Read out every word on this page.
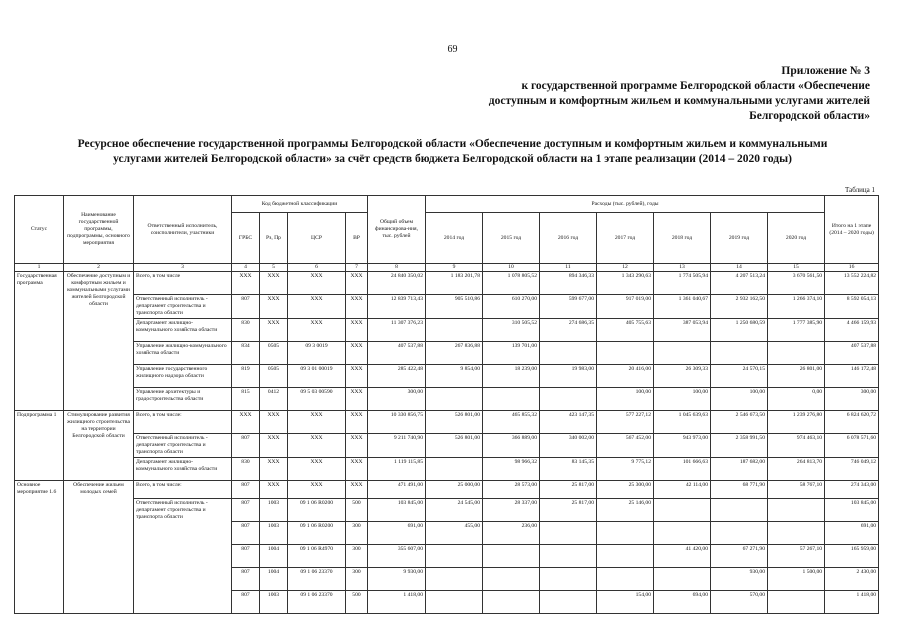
69
Приложение № 3
к государственной программе Белгородской области «Обеспечение
доступным и комфортным жильем и коммунальными услугами жителей
Белгородской области»
Ресурсное обеспечение государственной программы Белгородской области «Обеспечение доступным и комфортным жильем и коммунальными
услугами жителей Белгородской области» за счёт средств бюджета Белгородской области на 1 этапе реализации (2014 – 2020 годы)
Таблица 1
Статус	Наименование государственной программы, подпрограммы, основного мероприятия	Ответственный исполнитель, соисполнители, участники	Код бюджетной классификации				Общий объем финансирова-ния, тыс. рублей	Расходы (тыс. рублей), годы							Итого на 1 этапе (2014 – 2020 годы)
			ГРБС	Рз, Пр	ЦСР	ВР		2014 год	2015 год	2016 год	2017 год	2018 год	2019 год	2020 год	
1	2	3	4	5	6	7	8	9	10	11	12	13	14	15	16
Государственная программа	Обеспечение доступным и комфортным жильем и коммунальными услугами жителей Белгородской области	Всего, в том числе	ХХХ	ХХХ	ХХХ	ХХХ	24 840 350,02	1 183 201,78	1 078 805,52	894 346,33	1 343 290,63	1 774 505,94	4 207 513,24	3 670 561,50	13 552 224,82
		Ответственный исполнитель - департамент строительства и транспорта области	807	ХХХ	ХХХ	ХХХ	12 839 713,43	905 510,86	610 270,00	599 677,00	917 019,00	1 361 040,67	2 932 162,50	1 266 374,10	8 592 054,13
		Департамент жилищно-коммунального хозяйства области	830	ХХХ	ХХХ	ХХХ	11 307 376,23		310 505,52	274 686,35	405 755,63	387 053,94	1 250 680,59	1 777 385,90	4 466 159,93
		Управление жилищно-коммунального хозяйства области	834	0505	09 3 0019	ХХХ	407 537,88	267 836,88	139 701,00						407 537,88
		Управление государственного жилищного надзора области	819	0505	09 3 01 00019	ХХХ	285 422,48	9 854,00	18 239,00	19 983,00	20 416,00	26 309,33	24 570,15	26 801,00	146 172,48
		Управление архитектуры и градостроительства области	815	0412	09 5 03 00590	ХХХ	300,00				100,00	100,00	100,00	0,00	300,00
Подпрограмма 1	Стимулирование развития жилищного строительства на территории Белгородской области	Всего, в том числе:	ХХХ	ХХХ	ХХХ	ХХХ	10 330 856,75	526 801,00	465 855,32	423 147,35	577 227,12	1 045 639,63	2 546 673,50	1 239 276,80	6 824 620,72
		Ответственный исполнитель - департамент строительства и транспорта области	807	ХХХ	ХХХ	ХХХ	9 211 740,90	526 801,00	366 889,00	340 002,00	567 452,00	943 973,00	2 358 991,50	974 463,10	6 078 571,60
		Департамент жилищно-коммунального хозяйства области	830	ХХХ	ХХХ	ХХХ	1 119 115,85		98 966,32	83 145,35	9 775,12	101 666,63	187 682,00	264 813,70	746 049,12
Основное мероприятие 1.6	Обеспечение жильем молодых семей	Всего, в том числе:	807	ХХХ	ХХХ	ХХХ	471 491,00	25 000,00	28 573,00	25 817,00	25 300,00	42 114,00	68 771,90	58 767,10	274 343,00
		Ответственный исполнитель - департамент строительства и транспорта области	807	1003	09 1 06 R0200	500	103 845,00	24 545,00	28 337,00	25 817,00	25 146,00				103 845,00
			807	1003	09 1 06 R0200	300	691,00	455,00	236,00						691,00
			807	1004	09 1 06 R4970	300	355 607,00					41 420,00	67 271,90	57 267,10	165 959,00
			807	1004	09 1 06 23370	300	9 930,00						930,00	1 500,00	2 430,00
			807	1003	09 1 06 23370	500	1 418,00				154,00	694,00	570,00		1 418,00
